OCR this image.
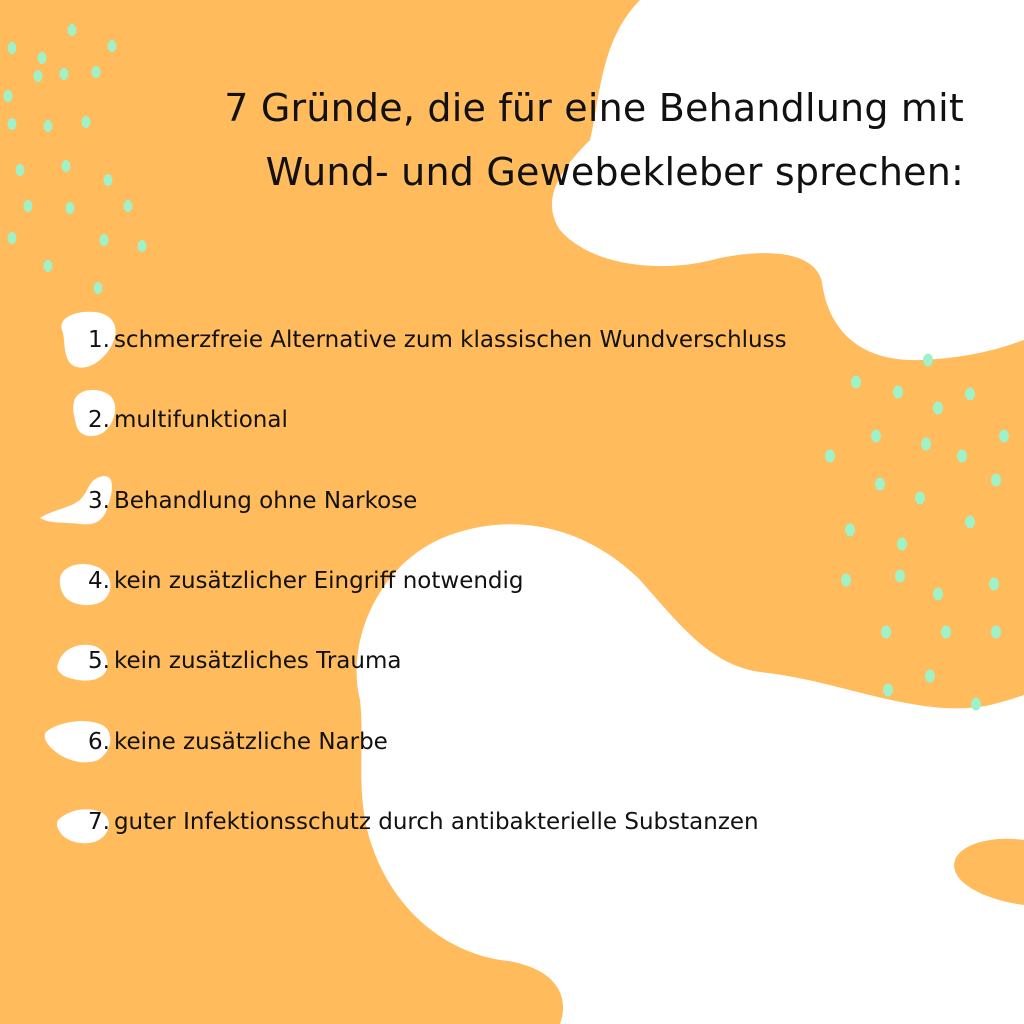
7 Gründe, die für eine Behandlung mit
Wund- und Gewebekleber sprechen:
1. schmerzfreie Alternative zum klassischen Wundverschluss
2. multifunktional
3. Behandlung ohne Narkose
4. kein zusätzlicher Eingriff notwendig
5. kein zusätzliches Trauma
6. keine zusätzliche Narbe
7. guter Infektionsschutz durch antibakterielle Substanzen
